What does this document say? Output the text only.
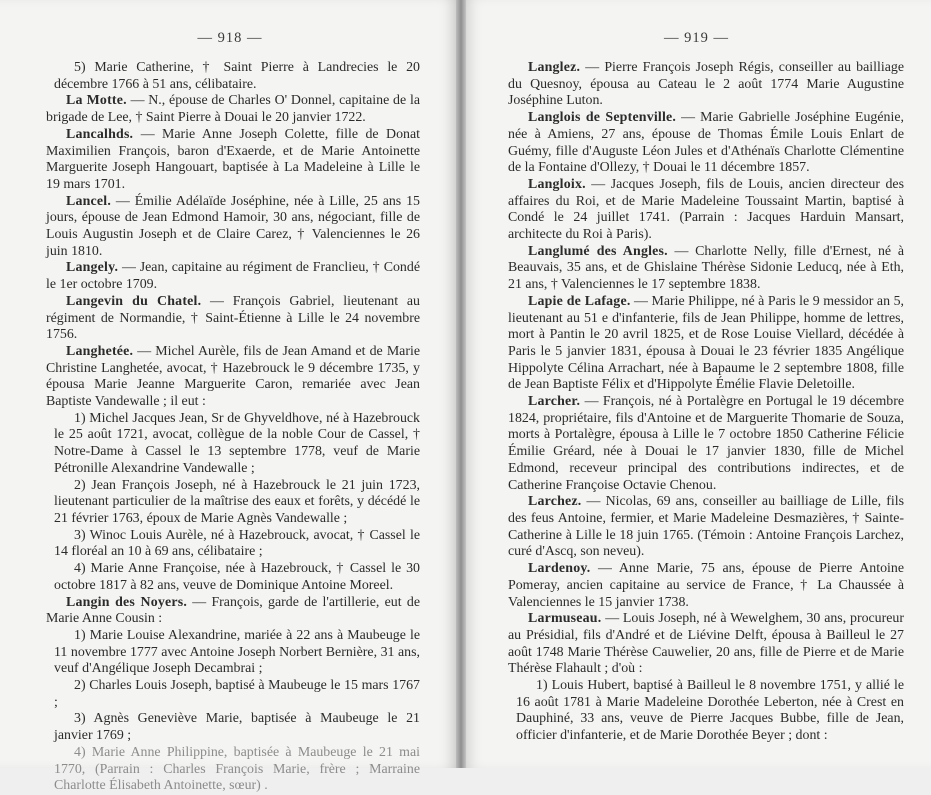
— 918 —

5) Marie Catherine, † Saint Pierre à Landrecies le 20 décembre 1766 à 51 ans, célibataire.

La Motte. — N., épouse de Charles O' Donnel, capitaine de la brigade de Lee, † Saint Pierre à Douai le 20 janvier 1722.

Lancalhds. — Marie Anne Joseph Colette, fille de Donat Maximilien François, baron d'Exaerde, et de Marie Antoinette Marguerite Joseph Hangouart, baptisée à La Madeleine à Lille le 19 mars 1701.

Lancel. — Émilie Adélaïde Joséphine, née à Lille, 25 ans 15 jours, épouse de Jean Edmond Hamoir, 30 ans, négociant, fille de Louis Augustin Joseph et de Claire Carez, † Valenciennes le 26 juin 1810.

Langely. — Jean, capitaine au régiment de Franclieu, † Condé le 1er octobre 1709.

Langevin du Chatel. — François Gabriel, lieutenant au régiment de Normandie, † Saint-Étienne à Lille le 24 novembre 1756.

Langhetée. — Michel Aurèle, fils de Jean Amand et de Marie Christine Langhetée, avocat, † Hazebrouck le 9 décembre 1735, y épousa Marie Jeanne Marguerite Caron, remariée avec Jean Baptiste Vandewalle ; il eut :

1) Michel Jacques Jean, Sr de Ghyveldhove, né à Hazebrouck le 25 août 1721, avocat, collègue de la noble Cour de Cassel, † Notre-Dame à Cassel le 13 septembre 1778, veuf de Marie Pétronille Alexandrine Vandewalle ;

2) Jean François Joseph, né à Hazebrouck le 21 juin 1723, lieutenant particulier de la maîtrise des eaux et forêts, y décédé le 21 février 1763, époux de Marie Agnès Vandewalle ;

3) Winoc Louis Aurèle, né à Hazebrouck, avocat, † Cassel le 14 floréal an 10 à 69 ans, célibataire ;

4) Marie Anne Françoise, née à Hazebrouck, † Cassel le 30 octobre 1817 à 82 ans, veuve de Dominique Antoine Moreel.

Langin des Noyers. — François, garde de l'artillerie, eut de Marie Anne Cousin :

1) Marie Louise Alexandrine, mariée à 22 ans à Maubeuge le 11 novembre 1777 avec Antoine Joseph Norbert Bernière, 31 ans, veuf d'Angélique Joseph Decambrai ;

2) Charles Louis Joseph, baptisé à Maubeuge le 15 mars 1767 ;

3) Agnès Geneviève Marie, baptisée à Maubeuge le 21 janvier 1769 ;

4) Marie Anne Philippine, baptisée à Maubeuge le 21 mai 1770, (Parrain : Charles François Marie, frère ; Marraine Charlotte Élisabeth Antoinette, sœur) .

— 919 —

Langlez. — Pierre François Joseph Régis, conseiller au bailliage du Quesnoy, épousa au Cateau le 2 août 1774 Marie Augustine Joséphine Luton.

Langlois de Septenville. — Marie Gabrielle Joséphine Eugénie, née à Amiens, 27 ans, épouse de Thomas Émile Louis Enlart de Guémy, fille d'Auguste Léon Jules et d'Athénaïs Charlotte Clémentine de la Fontaine d'Ollezy, † Douai le 11 décembre 1857.

Langloix. — Jacques Joseph, fils de Louis, ancien directeur des affaires du Roi, et de Marie Madeleine Toussaint Martin, baptisé à Condé le 24 juillet 1741. (Parrain : Jacques Harduin Mansart, architecte du Roi à Paris).

Langlumé des Angles. — Charlotte Nelly, fille d'Ernest, né à Beauvais, 35 ans, et de Ghislaine Thérèse Sidonie Leducq, née à Eth, 21 ans, † Valenciennes le 17 septembre 1838.

Lapie de Lafage. — Marie Philippe, né à Paris le 9 messidor an 5, lieutenant au 51 e d'infanterie, fils de Jean Philippe, homme de lettres, mort à Pantin le 20 avril 1825, et de Rose Louise Viellard, décédée à Paris le 5 janvier 1831, épousa à Douai le 23 février 1835 Angélique Hippolyte Célina Arrachart, née à Bapaume le 2 septembre 1808, fille de Jean Baptiste Félix et d'Hippolyte Émélie Flavie Deletoille.

Larcher. — François, né à Portalègre en Portugal le 19 décembre 1824, propriétaire, fils d'Antoine et de Marguerite Thomarie de Souza, morts à Portalègre, épousa à Lille le 7 octobre 1850 Catherine Félicie Émilie Gréard, née à Douai le 17 janvier 1830, fille de Michel Edmond, receveur principal des contributions indirectes, et de Catherine Françoise Octavie Chenou.

Larchez. — Nicolas, 69 ans, conseiller au bailliage de Lille, fils des feus Antoine, fermier, et Marie Madeleine Desmazières, † Sainte-Catherine à Lille le 18 juin 1765. (Témoin : Antoine François Larchez, curé d'Ascq, son neveu).

Lardenoy. — Anne Marie, 75 ans, épouse de Pierre Antoine Pomeray, ancien capitaine au service de France, † La Chaussée à Valenciennes le 15 janvier 1738.

Larmuseau. — Louis Joseph, né à Wewelghem, 30 ans, procureur au Présidial, fils d'André et de Liévine Delft, épousa à Bailleul le 27 août 1748 Marie Thérèse Cauwelier, 20 ans, fille de Pierre et de Marie Thérèse Flahault ; d'où :

1) Louis Hubert, baptisé à Bailleul le 8 novembre 1751, y allié le 16 août 1781 à Marie Madeleine Dorothée Leberton, née à Crest en Dauphiné, 33 ans, veuve de Pierre Jacques Bubbe, fille de Jean, officier d'infanterie, et de Marie Dorothée Beyer ; dont :
